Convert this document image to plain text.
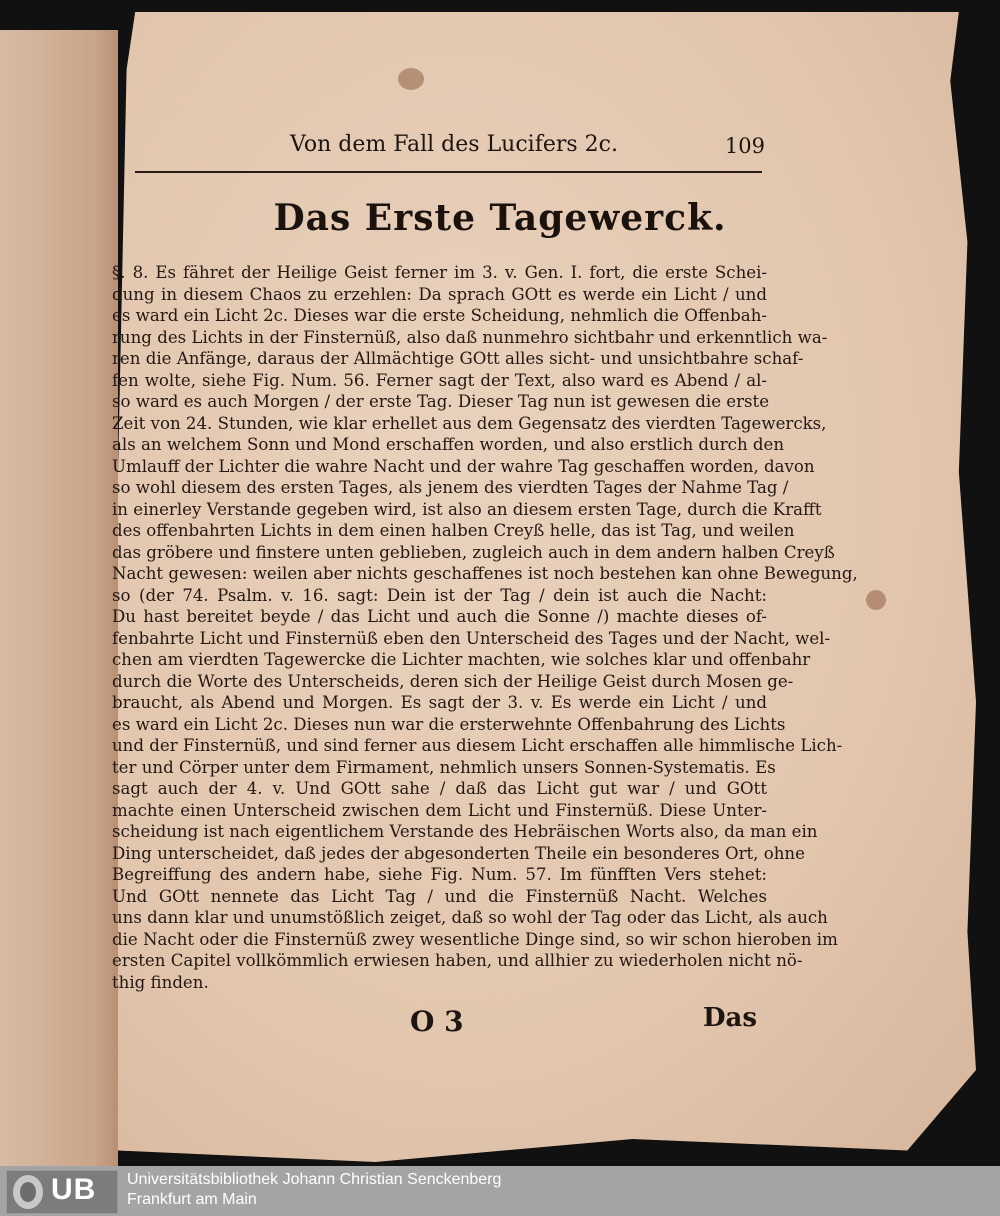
Von dem Fall des Lucifers 2c.	109
Das Erste Tagewerck.
§. 8. Es fähret der Heilige Geist ferner im 3. v. Gen. I. fort, die erste Schei-
dung in diesem Chaos zu erzehlen: Da sprach GOtt es werde ein Licht / und
es ward ein Licht 2c. Dieses war die erste Scheidung, nehmlich die Offenbah-
rung des Lichts in der Finsternüß, also daß nunmehro sichtbahr und erkenntlich wa-
ren die Anfänge, daraus der Allmächtige GOtt alles sicht- und unsichtbahre schaf-
fen wolte, siehe Fig. Num. 56. Ferner sagt der Text, also ward es Abend / al-
so ward es auch Morgen / der erste Tag. Dieser Tag nun ist gewesen die erste
Zeit von 24. Stunden, wie klar erhellet aus dem Gegensatz des vierdten Tagewercks,
als an welchem Sonn und Mond erschaffen worden, und also erstlich durch den
Umlauff der Lichter die wahre Nacht und der wahre Tag geschaffen worden, davon
so wohl diesem des ersten Tages, als jenem des vierdten Tages der Nahme Tag /
in einerley Verstande gegeben wird, ist also an diesem ersten Tage, durch die Krafft
des offenbahrten Lichts in dem einen halben Creyß helle, das ist Tag, und weilen
das gröbere und finstere unten geblieben, zugleich auch in dem andern halben Creyß
Nacht gewesen: weilen aber nichts geschaffenes ist noch bestehen kan ohne Bewegung,
so (der 74. Psalm. v. 16. sagt: Dein ist der Tag / dein ist auch die Nacht:
Du hast bereitet beyde / das Licht und auch die Sonne /) machte dieses of-
fenbahrte Licht und Finsternüß eben den Unterscheid des Tages und der Nacht, wel-
chen am vierdten Tagewercke die Lichter machten, wie solches klar und offenbahr
durch die Worte des Unterscheids, deren sich der Heilige Geist durch Mosen ge-
braucht, als Abend und Morgen. Es sagt der 3. v. Es werde ein Licht / und
es ward ein Licht 2c. Dieses nun war die ersterwehnte Offenbahrung des Lichts
und der Finsternüß, und sind ferner aus diesem Licht erschaffen alle himmlische Lich-
ter und Cörper unter dem Firmament, nehmlich unsers Sonnen-Systematis. Es
sagt auch der 4. v. Und GOtt sahe / daß das Licht gut war / und GOtt
machte einen Unterscheid zwischen dem Licht und Finsternüß. Diese Unter-
scheidung ist nach eigentlichem Verstande des Hebräischen Worts also, da man ein
Ding unterscheidet, daß jedes der abgesonderten Theile ein besonderes Ort, ohne
Begreiffung des andern habe, siehe Fig. Num. 57. Im fünfften Vers stehet:
Und GOtt nennete das Licht Tag / und die Finsternüß Nacht. Welches
uns dann klar und unumstößlich zeiget, daß so wohl der Tag oder das Licht, als auch
die Nacht oder die Finsternüß zwey wesentliche Dinge sind, so wir schon hieroben im
ersten Capitel vollkömmlich erwiesen haben, und allhier zu wiederholen nicht nö-
thig finden.
O 3	Das
UB Universitätsbibliothek Johann Christian Senckenberg
Frankfurt am Main
